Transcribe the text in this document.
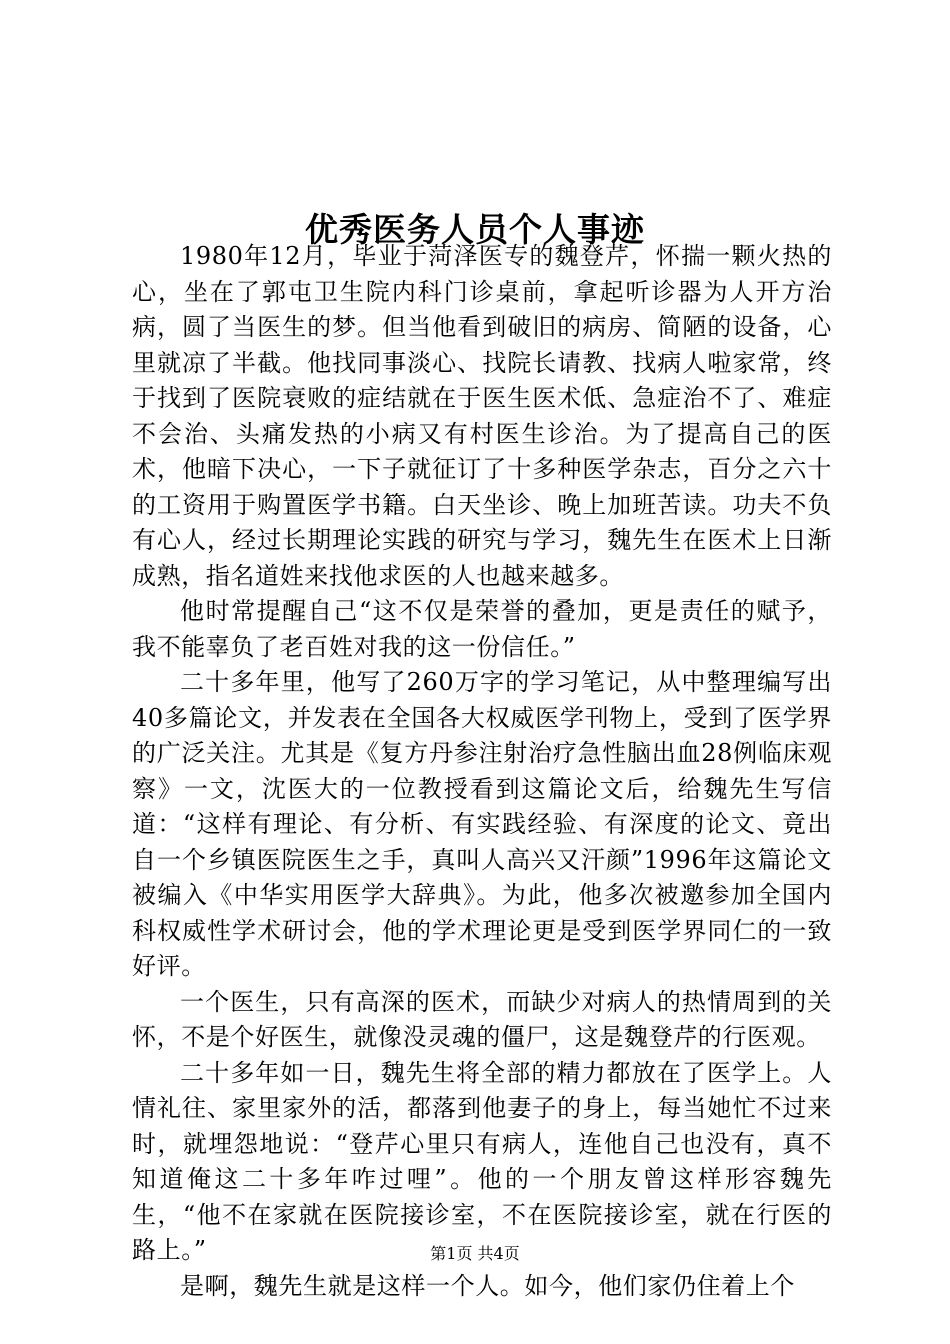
优秀医务人员个人事迹

1980年12月，毕业于菏泽医专的魏登芹，怀揣一颗火热的心，坐在了郭屯卫生院内科门诊桌前，拿起听诊器为人开方治病，圆了当医生的梦。但当他看到破旧的病房、简陋的设备，心里就凉了半截。他找同事淡心、找院长请教、找病人啦家常，终于找到了医院衰败的症结就在于医生医术低、急症治不了、难症不会治、头痛发热的小病又有村医生诊治。为了提高自己的医术，他暗下决心，一下子就征订了十多种医学杂志，百分之六十的工资用于购置医学书籍。白天坐诊、晚上加班苦读。功夫不负有心人，经过长期理论实践的研究与学习，魏先生在医术上日渐成熟，指名道姓来找他求医的人也越来越多。

他时常提醒自己“这不仅是荣誉的叠加，更是责任的赋予，我不能辜负了老百姓对我的这一份信任。”

二十多年里，他写了260万字的学习笔记，从中整理编写出40多篇论文，并发表在全国各大权威医学刊物上，受到了医学界的广泛关注。尤其是《复方丹参注射治疗急性脑出血28例临床观察》一文，沈医大的一位教授看到这篇论文后，给魏先生写信道：“这样有理论、有分析、有实践经验、有深度的论文、竟出自一个乡镇医院医生之手，真叫人高兴又汗颜”1996年这篇论文被编入《中华实用医学大辞典》。为此，他多次被邀参加全国内科权威性学术研讨会，他的学术理论更是受到医学界同仁的一致好评。

一个医生，只有高深的医术，而缺少对病人的热情周到的关怀，不是个好医生，就像没灵魂的僵尸，这是魏登芹的行医观。

二十多年如一日，魏先生将全部的精力都放在了医学上。人情礼往、家里家外的活，都落到他妻子的身上，每当她忙不过来时，就埋怨地说：“登芹心里只有病人，连他自己也没有，真不知道俺这二十多年咋过哩”。他的一个朋友曾这样形容魏先生，“他不在家就在医院接诊室，不在医院接诊室，就在行医的路上。”

是啊，魏先生就是这样一个人。如今，他们家仍住着上个

第1页 共4页
